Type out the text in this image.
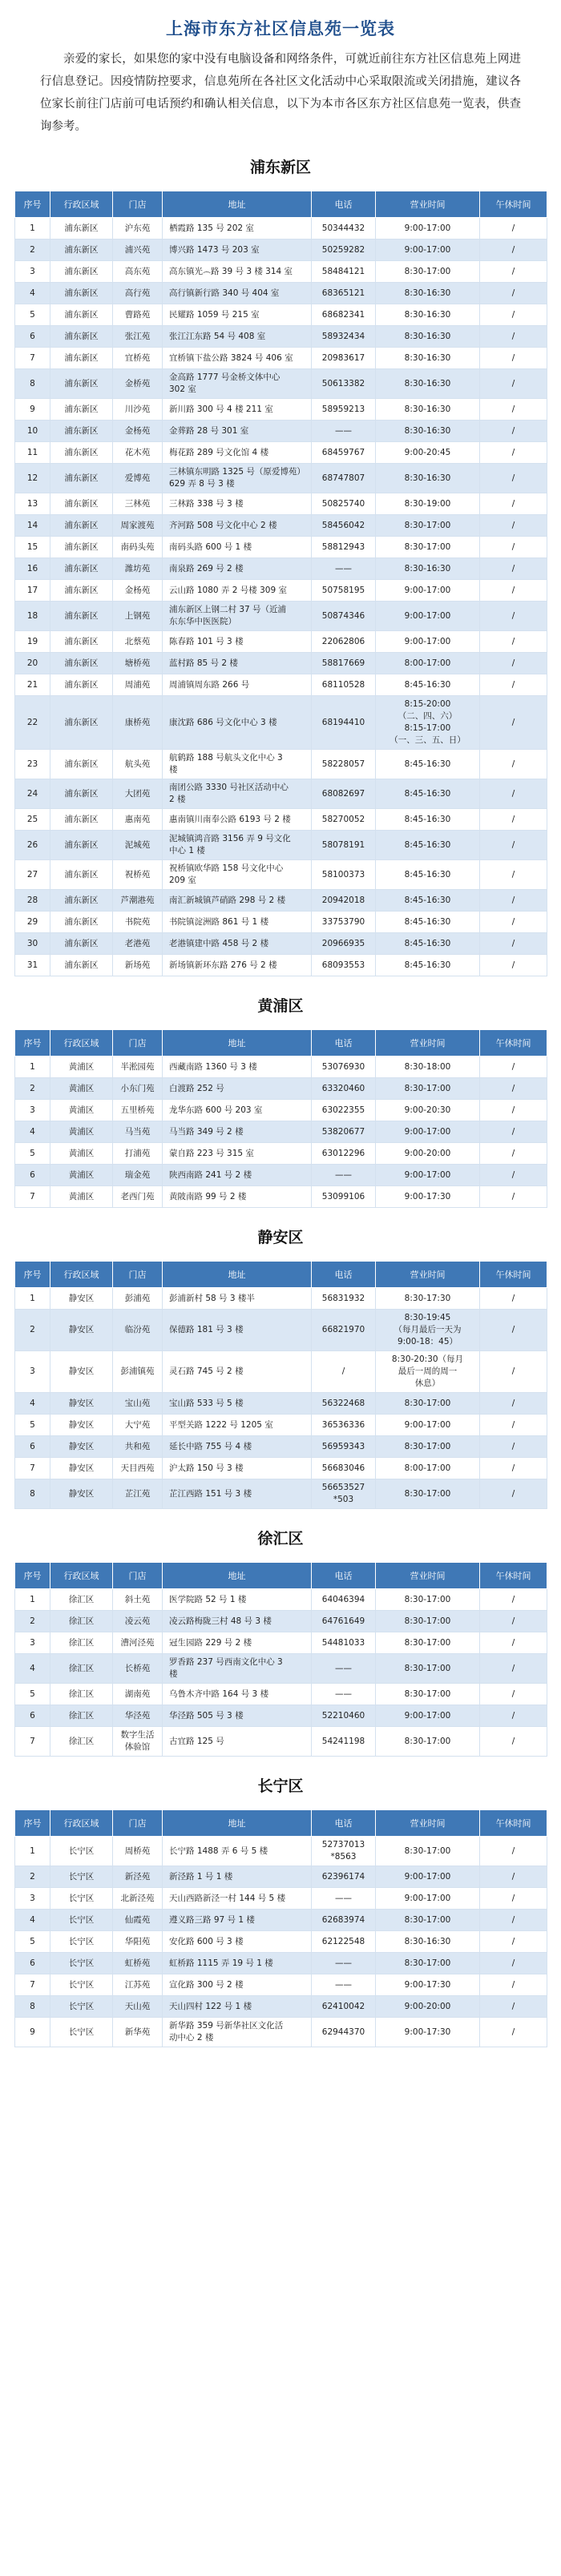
上海市东方社区信息苑一览表
亲爱的家长，如果您的家中没有电脑设备和网络条件，可就近前往东方社区信息苑上网进行信息登记。因疫情防控要求，信息苑所在各社区文化活动中心采取限流或关闭措施，建议各位家长前往门店前可电话预约和确认相关信息，以下为本市各区东方社区信息苑一览表，供查询参考。
浦东新区
序号	行政区域	门店	地址	电话	营业时间	午休时间
1	浦东新区	沪东苑	栖霞路 135 号 202 室	50344432	9:00-17:00	/
2	浦东新区	浦兴苑	博兴路 1473 号 203 室	50259282	9:00-17:00	/
3	浦东新区	高东苑	高东镇光෴路 39 号 3 楼 314 室	58484121	8:30-17:00	/
4	浦东新区	高行苑	高行镇新行路 340 号 404 室	68365121	8:30-16:30	/
5	浦东新区	曹路苑	民耀路 1059 号 215 室	68682341	8:30-16:30	/
6	浦东新区	张江苑	张江江东路 54 号 408 室	58932434	8:30-16:30	/
7	浦东新区	宜桥苑	宜桥镇下盐公路 3824 号 406 室	20983617	8:30-16:30	/
8	浦东新区	金桥苑	金高路 1777 号金桥文体中心
302 室	50613382	8:30-16:30	/
9	浦东新区	川沙苑	新川路 300 号 4 楼 211 室	58959213	8:30-16:30	/
10	浦东新区	金杨苑	金葬路 28 号 301 室	——	8:30-16:30	/
11	浦东新区	花木苑	梅花路 289 号文化馆 4 楼	68459767	9:00-20:45	/
12	浦东新区	爱博苑	三林镇东明路 1325 号（原爱博苑）
629 弄 8 号 3 楼	68747807	8:30-16:30	/
13	浦东新区	三林苑	三林路 338 号 3 楼	50825740	8:30-19:00	/
14	浦东新区	周家渡苑	齐河路 508 号文化中心 2 楼	58456042	8:30-17:00	/
15	浦东新区	南码头苑	南码头路 600 号 1 楼	58812943	8:30-17:00	/
16	浦东新区	潍坊苑	南泉路 269 号 2 楼	——	8:30-16:30	/
17	浦东新区	金杨苑	云山路 1080 弄 2 号楼 309 室	50758195	9:00-17:00	/
18	浦东新区	上钢苑	浦东新区上钢二村 37 号（近浦
东东华中医医院）	50874346	9:00-17:00	/
19	浦东新区	北蔡苑	陈春路 101 号 3 楼	22062806	9:00-17:00	/
20	浦东新区	塘桥苑	蓝村路 85 号 2 楼	58817669	8:00-17:00	/
21	浦东新区	周浦苑	周浦镇周东路 266 号	68110528	8:45-16:30	/
22	浦东新区	康桥苑	康沈路 686 号文化中心 3 楼	68194410	8:15-20:00
（二、四、六）
8:15-17:00
（一、三、五、日）	/
23	浦东新区	航头苑	航鹤路 188 号航头文化中心 3
楼	58228057	8:45-16:30	/
24	浦东新区	大团苑	南团公路 3330 号社区活动中心
2 楼	68082697	8:45-16:30	/
25	浦东新区	惠南苑	惠南镇川南奉公路 6193 号 2 楼	58270052	8:45-16:30	/
26	浦东新区	泥城苑	泥城镇鸿音路 3156 弄 9 号文化
中心 1 楼	58078191	8:45-16:30	/
27	浦东新区	祝桥苑	祝桥镇欧华路 158 号文化中心
209 室	58100373	8:45-16:30	/
28	浦东新区	芦潮港苑	南汇新城镇芦硝路 298 号 2 楼	20942018	8:45-16:30	/
29	浦东新区	书院苑	书院镇淀洲路 861 号 1 楼	33753790	8:45-16:30	/
30	浦东新区	老港苑	老港镇建中路 458 号 2 楼	20966935	8:45-16:30	/
31	浦东新区	新场苑	新场镇新环东路 276 号 2 楼	68093553	8:45-16:30	/
黄浦区
序号	行政区域	门店	地址	电话	营业时间	午休时间
1	黄浦区	半淞园苑	西藏南路 1360 号 3 楼	53076930	8:30-18:00	/
2	黄浦区	小东门苑	白渡路 252 号	63320460	8:30-17:00	/
3	黄浦区	五里桥苑	龙华东路 600 号 203 室	63022355	9:00-20:30	/
4	黄浦区	马当苑	马当路 349 号 2 楼	53820677	9:00-17:00	/
5	黄浦区	打浦苑	蒙自路 223 号 315 室	63012296	9:00-20:00	/
6	黄浦区	瑞金苑	陕西南路 241 号 2 楼	——	9:00-17:00	/
7	黄浦区	老西门苑	黄陂南路 99 号 2 楼	53099106	9:00-17:30	/
静安区
序号	行政区域	门店	地址	电话	营业时间	午休时间
1	静安区	彭浦苑	彭浦新村 58 号 3 楼半	56831932	8:30-17:30	/
2	静安区	临汾苑	保德路 181 号 3 楼	66821970	8:30-19:45
（每月最后一天为
9:00-18：45）	/
3	静安区	彭浦镇苑	灵石路 745 号 2 楼	/	8:30-20:30（每月
最后一周的周一
休息）	/
4	静安区	宝山苑	宝山路 533 号 5 楼	56322468	8:30-17:00	/
5	静安区	大宁苑	平型关路 1222 号 1205 室	36536336	9:00-17:00	/
6	静安区	共和苑	延长中路 755 号 4 楼	56959343	8:30-17:00	/
7	静安区	天目西苑	沪太路 150 号 3 楼	56683046	8:00-17:00	/
8	静安区	芷江苑	芷江西路 151 号 3 楼	56653527
*503	8:30-17:00	/
徐汇区
序号	行政区域	门店	地址	电话	营业时间	午休时间
1	徐汇区	斜土苑	医学院路 52 号 1 楼	64046394	8:30-17:00	/
2	徐汇区	凌云苑	凌云路梅陇三村 48 号 3 楼	64761649	8:30-17:00	/
3	徐汇区	漕河泾苑	冠生园路 229 号 2 楼	54481033	8:30-17:00	/
4	徐汇区	长桥苑	罗香路 237 号西南文化中心 3
楼	——	8:30-17:00	/
5	徐汇区	湖南苑	乌鲁木齐中路 164 号 3 楼	——	8:30-17:00	/
6	徐汇区	华泾苑	华泾路 505 号 3 楼	52210460	9:00-17:00	/
7	徐汇区	数字生活
体验馆	古宜路 125 号	54241198	8:30-17:00	/
长宁区
序号	行政区域	门店	地址	电话	营业时间	午休时间
1	长宁区	周桥苑	长宁路 1488 弄 6 号 5 楼	52737013
*8563	8:30-17:00	/
2	长宁区	新泾苑	新泾路 1 号 1 楼	62396174	9:00-17:00	/
3	长宁区	北新泾苑	天山西路新泾一村 144 号 5 楼	——	9:00-17:00	/
4	长宁区	仙霞苑	遵义路三路 97 号 1 楼	62683974	8:30-17:00	/
5	长宁区	华阳苑	安化路 600 号 3 楼	62122548	8:30-16:30	/
6	长宁区	虹桥苑	虹桥路 1115 弄 19 号 1 楼	——	8:30-17:00	/
7	长宁区	江苏苑	宣化路 300 号 2 楼	——	9:00-17:30	/
8	长宁区	天山苑	天山四村 122 号 1 楼	62410042	9:00-20:00	/
9	长宁区	新华苑	新华路 359 号新华社区文化活
动中心 2 楼	62944370	9:00-17:30	/
